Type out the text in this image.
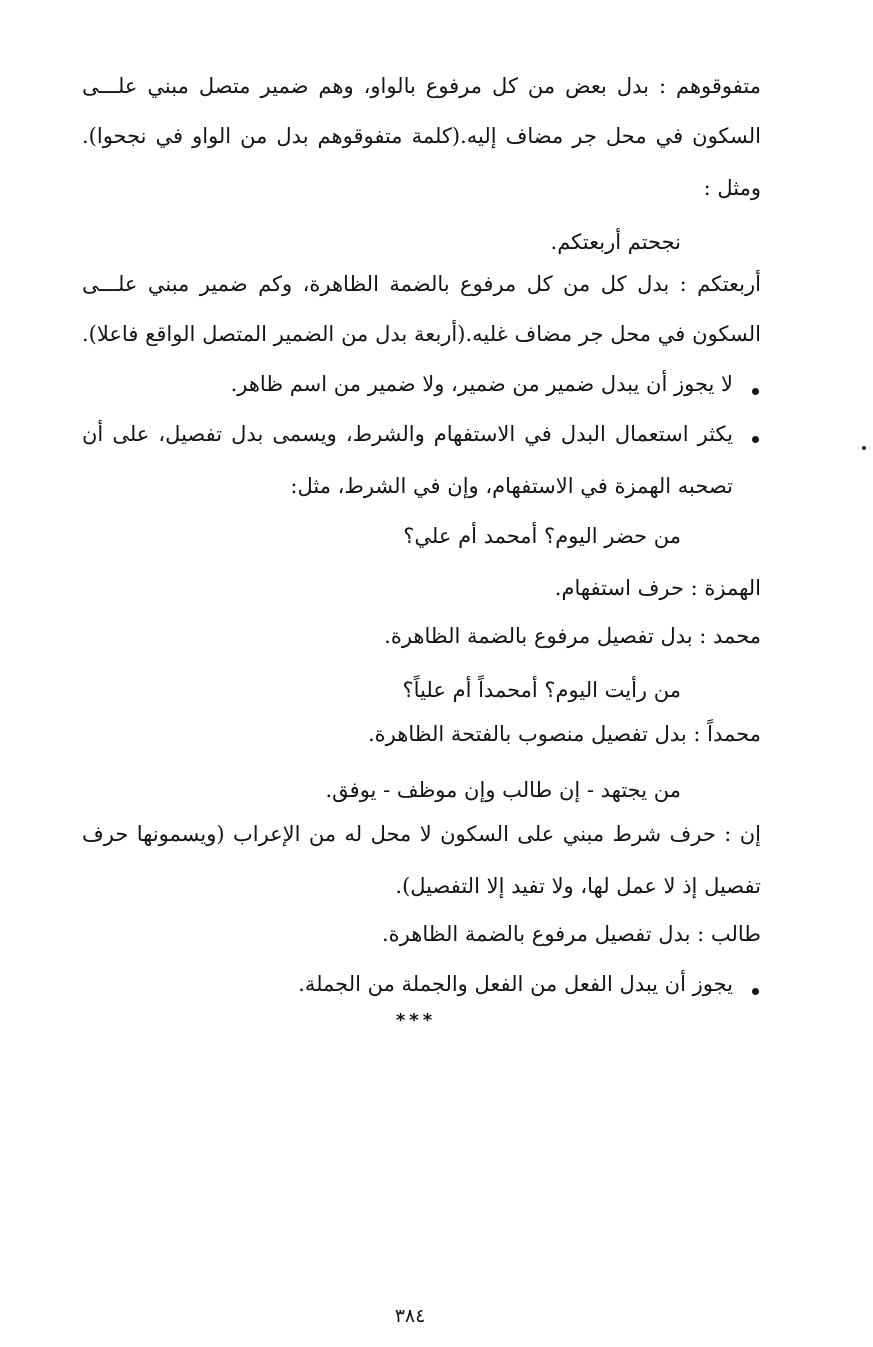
متفوقوهم : بدل بعض من كل مرفوع بالواو، وهم ضمير متصل مبني علـــى
السكون في محل جر مضاف إليه.(كلمة متفوقوهم بدل من الواو في نجحوا).
ومثل :
نجحتم أربعتكم.
أربعتكم : بدل كل من كل مرفوع بالضمة الظاهرة، وكم ضمير مبني علـــى
السكون في محل جر مضاف غليه.(أربعة بدل من الضمير المتصل الواقع فاعلا).
لا يجوز أن يبدل ضمير من ضمير، ولا ضمير من اسم ظاهر.
يكثر استعمال البدل في الاستفهام والشرط، ويسمى بدل تفصيل، على أن
تصحبه الهمزة في الاستفهام، وإن في الشرط، مثل:
من حضر اليوم؟ أمحمد أم علي؟
الهمزة : حرف استفهام.
محمد : بدل تفصيل مرفوع بالضمة الظاهرة.
من رأيت اليوم؟ أمحمداً أم علياً؟
محمداً : بدل تفصيل منصوب بالفتحة الظاهرة.
من يجتهد - إن طالب وإن موظف - يوفق.
إن : حرف شرط مبني على السكون لا محل له من الإعراب (ويسمونها حرف
تفصيل إذ لا عمل لها، ولا تفيد إلا التفصيل).
طالب : بدل تفصيل مرفوع بالضمة الظاهرة.
يجوز أن يبدل الفعل من الفعل والجملة من الجملة.
***
٣٨٤
